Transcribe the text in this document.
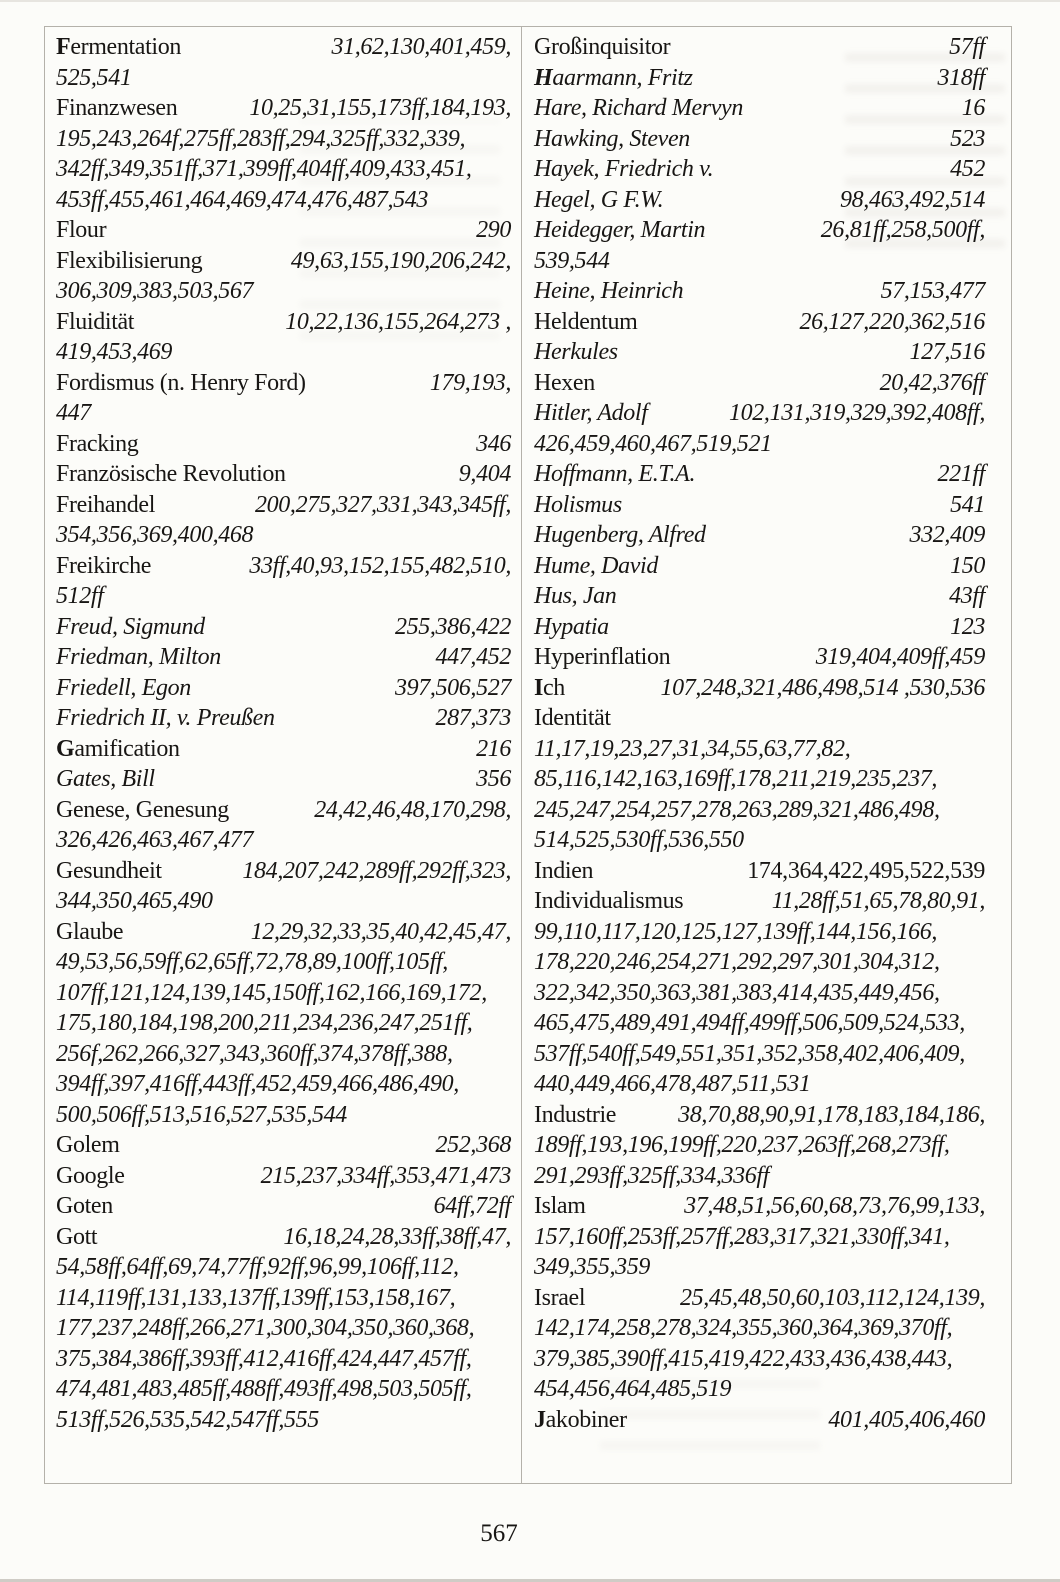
Fermentation	31,62,130,401,459,
525,541
Finanzwesen	10,25,31,155,173ff,184,193,
195,243,264f,275ff,283ff,294,325ff,332,339,
342ff,349,351ff,371,399ff,404ff,409,433,451,
453ff,455,461,464,469,474,476,487,543
Flour	290
Flexibilisierung	49,63,155,190,206,242,
306,309,383,503,567
Fluidität	10,22,136,155,264,273 ,
419,453,469
Fordismus (n. Henry Ford)	179,193,
447
Fracking	346
Französische Revolution	9,404
Freihandel	200,275,327,331,343,345ff,
354,356,369,400,468
Freikirche	33ff,40,93,152,155,482,510,
512ff
Freud, Sigmund	255,386,422
Friedman, Milton	447,452
Friedell, Egon	397,506,527
Friedrich II, v. Preußen	287,373
Gamification	216
Gates, Bill	356
Genese, Genesung	24,42,46,48,170,298,
326,426,463,467,477
Gesundheit	184,207,242,289ff,292ff,323,
344,350,465,490
Glaube	12,29,32,33,35,40,42,45,47,
49,53,56,59ff,62,65ff,72,78,89,100ff,105ff,
107ff,121,124,139,145,150ff,162,166,169,172,
175,180,184,198,200,211,234,236,247,251ff,
256f,262,266,327,343,360ff,374,378ff,388,
394ff,397,416ff,443ff,452,459,466,486,490,
500,506ff,513,516,527,535,544
Golem	252,368
Google	215,237,334ff,353,471,473
Goten	64ff,72ff
Gott	16,18,24,28,33ff,38ff,47,
54,58ff,64ff,69,74,77ff,92ff,96,99,106ff,112,
114,119ff,131,133,137ff,139ff,153,158,167,
177,237,248ff,266,271,300,304,350,360,368,
375,384,386ff,393ff,412,416ff,424,447,457ff,
474,481,483,485ff,488ff,493ff,498,503,505ff,
513ff,526,535,542,547ff,555
Großinquisitor	57ff
Haarmann, Fritz	318ff
Hare, Richard Mervyn	16
Hawking, Steven	523
Hayek, Friedrich v.	452
Hegel, G F.W.	98,463,492,514
Heidegger, Martin	26,81ff,258,500ff,
539,544
Heine, Heinrich	57,153,477
Heldentum	26,127,220,362,516
Herkules	127,516
Hexen	20,42,376ff
Hitler, Adolf	102,131,319,329,392,408ff,
426,459,460,467,519,521
Hoffmann, E.T.A.	221ff
Holismus	541
Hugenberg, Alfred	332,409
Hume, David	150
Hus, Jan	43ff
Hypatia	123
Hyperinflation	319,404,409ff,459
Ich	107,248,321,486,498,514 ,530,536
Identität
11,17,19,23,27,31,34,55,63,77,82,
85,116,142,163,169ff,178,211,219,235,237,
245,247,254,257,278,263,289,321,486,498,
514,525,530ff,536,550
Indien	174,364,422,495,522,539
Individualismus	11,28ff,51,65,78,80,91,
99,110,117,120,125,127,139ff,144,156,166,
178,220,246,254,271,292,297,301,304,312,
322,342,350,363,381,383,414,435,449,456,
465,475,489,491,494ff,499ff,506,509,524,533,
537ff,540ff,549,551,351,352,358,402,406,409,
440,449,466,478,487,511,531
Industrie	38,70,88,90,91,178,183,184,186,
189ff,193,196,199ff,220,237,263ff,268,273ff,
291,293ff,325ff,334,336ff
Islam	37,48,51,56,60,68,73,76,99,133,
157,160ff,253ff,257ff,283,317,321,330ff,341,
349,355,359
Israel	25,45,48,50,60,103,112,124,139,
142,174,258,278,324,355,360,364,369,370ff,
379,385,390ff,415,419,422,433,436,438,443,
454,456,464,485,519
Jakobiner	401,405,406,460
567
